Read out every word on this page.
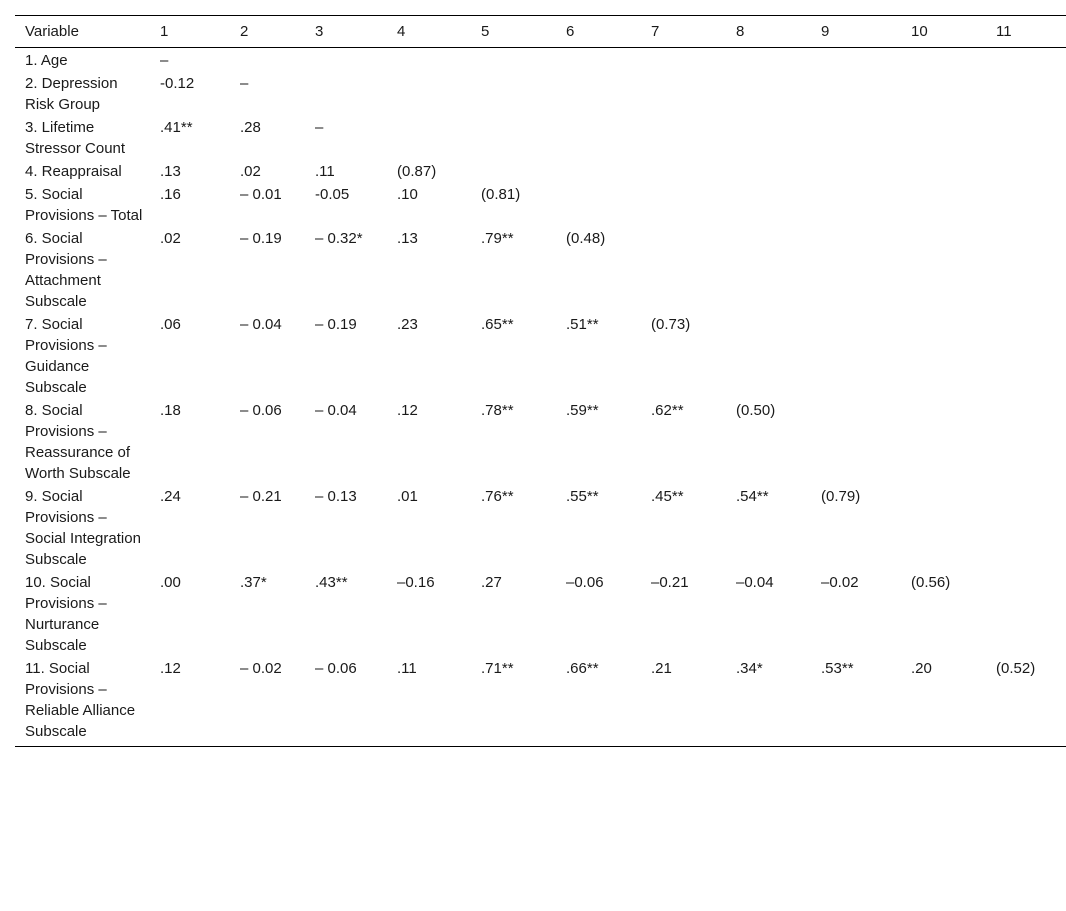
Variable	1	2	3	4	5	6	7	8	9	10	11
1. Age	–										
2. Depression Risk Group	-0.12	–									
3. Lifetime Stressor Count	.41**	.28	–								
4. Reappraisal	.13	.02	.11	(0.87)							
5. Social Provisions – Total	.16	– 0.01	-0.05	.10	(0.81)						
6. Social Provisions – Attachment Subscale	.02	– 0.19	– 0.32*	.13	.79**	(0.48)					
7. Social Provisions – Guidance Subscale	.06	– 0.04	– 0.19	.23	.65**	.51**	(0.73)				
8. Social Provisions – Reassurance of Worth Subscale	.18	– 0.06	– 0.04	.12	.78**	.59**	.62**	(0.50)			
9. Social Provisions – Social Integration Subscale	.24	– 0.21	– 0.13	.01	.76**	.55**	.45**	.54**	(0.79)		
10. Social Provisions – Nurturance Subscale	.00	.37*	.43**	–0.16	.27	–0.06	–0.21	–0.04	–0.02	(0.56)	
11. Social Provisions – Reliable Alliance Subscale	.12	– 0.02	– 0.06	.11	.71**	.66**	.21	.34*	.53**	.20	(0.52)
